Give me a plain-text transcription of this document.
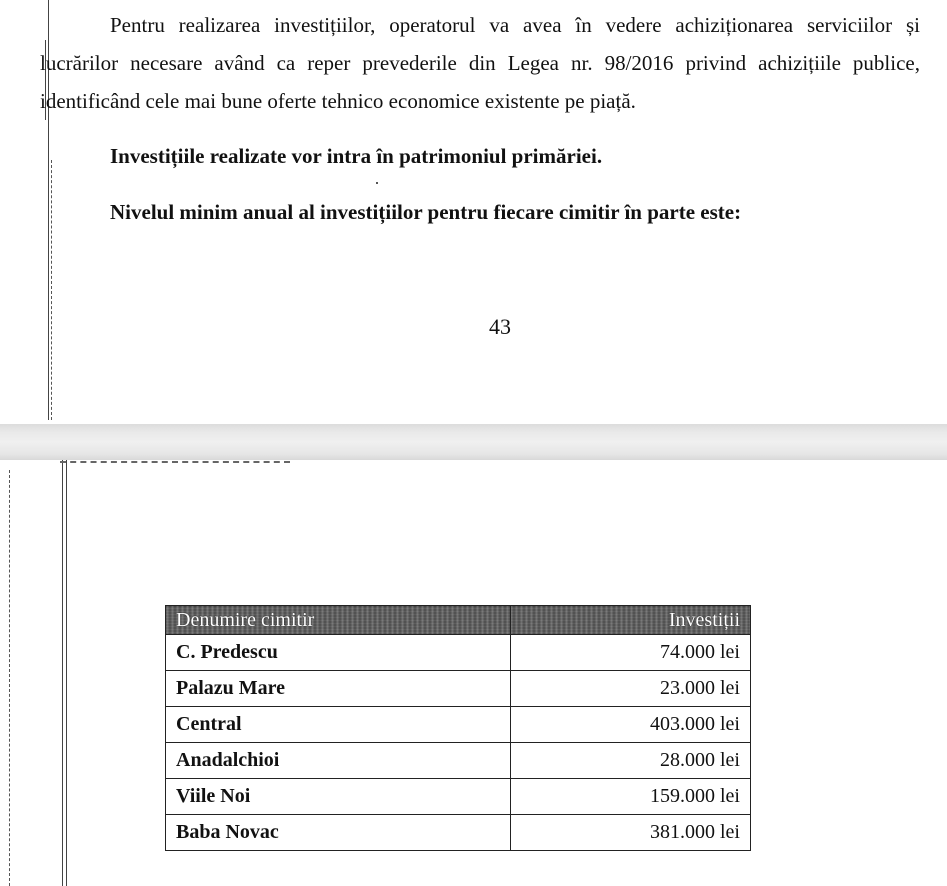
Pentru realizarea investițiilor, operatorul va avea în vedere achiziționarea serviciilor și
lucrărilor necesare având ca reper prevederile din Legea nr. 98/2016 privind achizițiile publice,
identificând cele mai bune oferte tehnico economice existente pe piață.

Investițiile realizate vor intra în patrimoniul primăriei.

Nivelul minim anual al investițiilor pentru fiecare cimitir în parte este:

43
Denumire cimitir	Investiții
C. Predescu	74.000 lei
Palazu Mare	23.000 lei
Central	403.000 lei
Anadalchioi	28.000 lei
Viile Noi	159.000 lei
Baba Novac	381.000 lei
